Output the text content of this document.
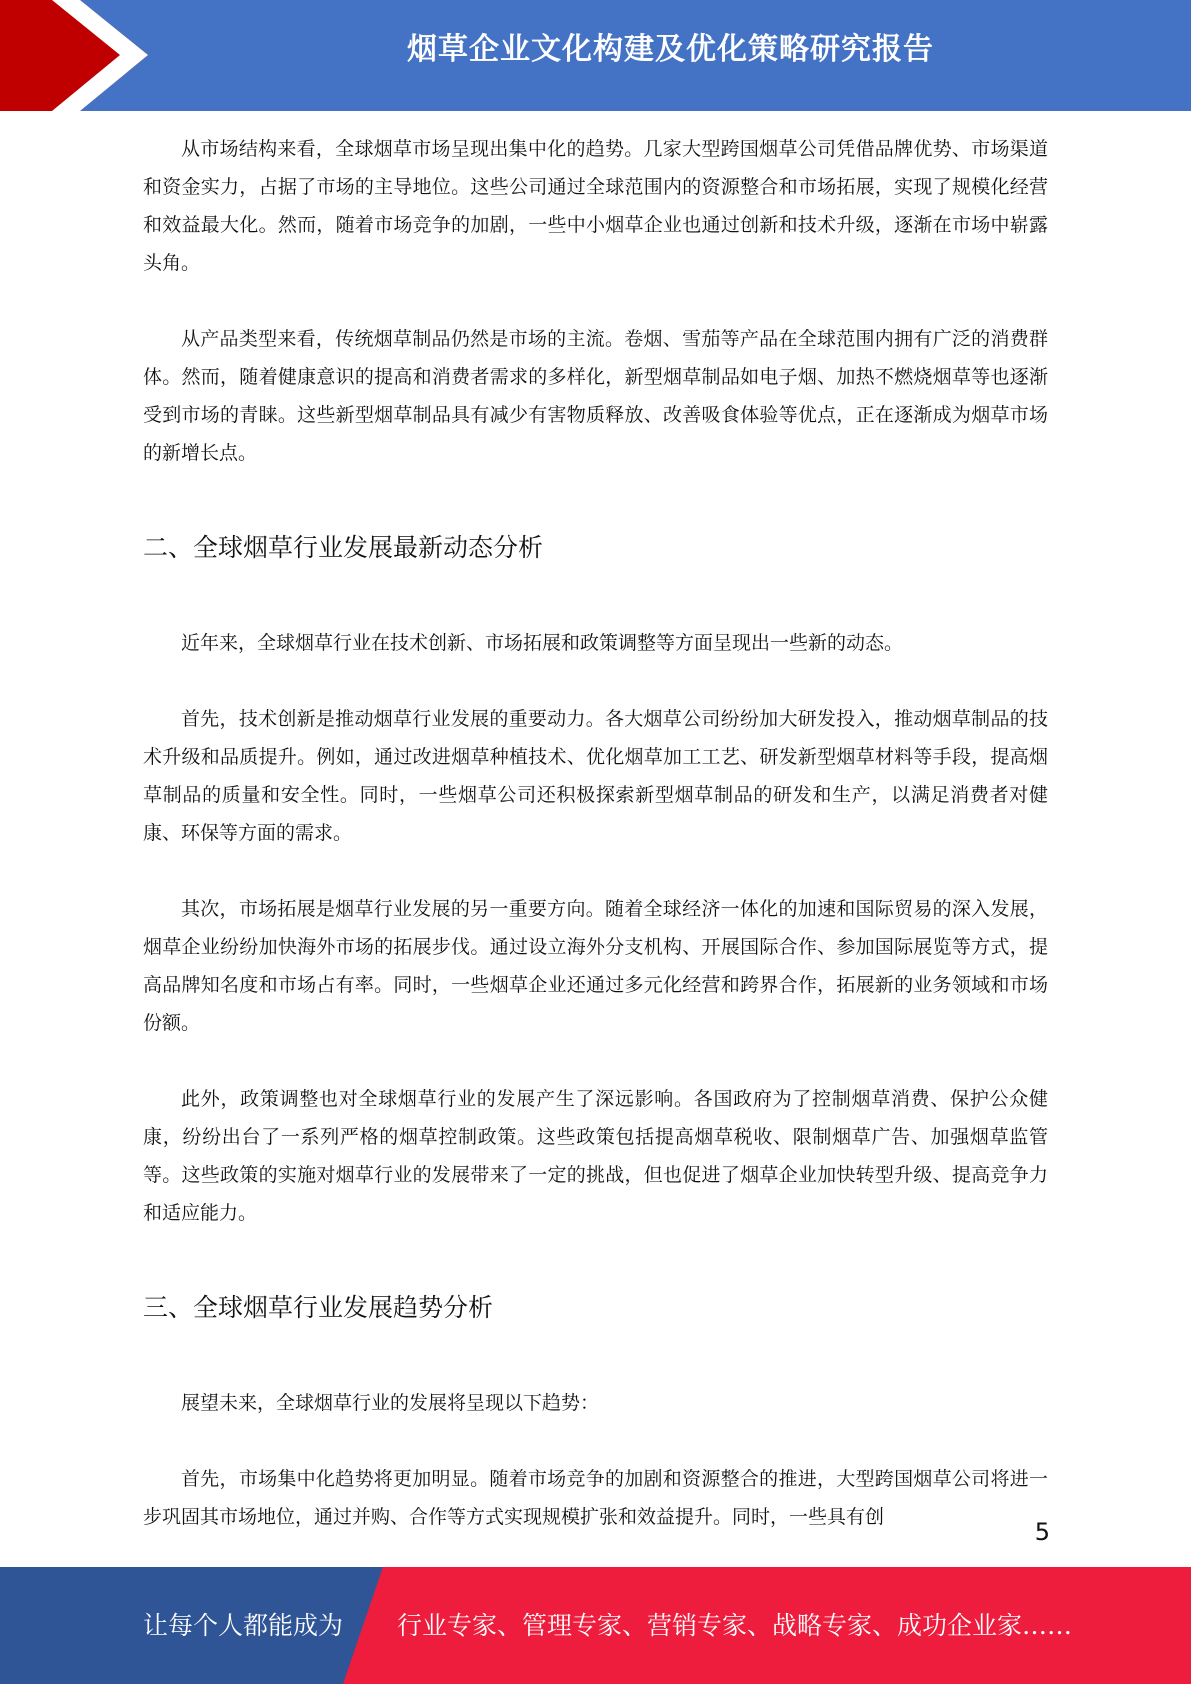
烟草企业文化构建及优化策略研究报告

从市场结构来看，全球烟草市场呈现出集中化的趋势。几家大型跨国烟草公司凭借品牌优势、市场渠道和资金实力，占据了市场的主导地位。这些公司通过全球范围内的资源整合和市场拓展，实现了规模化经营和效益最大化。然而，随着市场竞争的加剧，一些中小烟草企业也通过创新和技术升级，逐渐在市场中崭露头角。

从产品类型来看，传统烟草制品仍然是市场的主流。卷烟、雪茄等产品在全球范围内拥有广泛的消费群体。然而，随着健康意识的提高和消费者需求的多样化，新型烟草制品如电子烟、加热不燃烧烟草等也逐渐受到市场的青睐。这些新型烟草制品具有减少有害物质释放、改善吸食体验等优点，正在逐渐成为烟草市场的新增长点。

二、全球烟草行业发展最新动态分析

近年来，全球烟草行业在技术创新、市场拓展和政策调整等方面呈现出一些新的动态。

首先，技术创新是推动烟草行业发展的重要动力。各大烟草公司纷纷加大研发投入，推动烟草制品的技术升级和品质提升。例如，通过改进烟草种植技术、优化烟草加工工艺、研发新型烟草材料等手段，提高烟草制品的质量和安全性。同时，一些烟草公司还积极探索新型烟草制品的研发和生产，以满足消费者对健康、环保等方面的需求。

其次，市场拓展是烟草行业发展的另一重要方向。随着全球经济一体化的加速和国际贸易的深入发展，烟草企业纷纷加快海外市场的拓展步伐。通过设立海外分支机构、开展国际合作、参加国际展览等方式，提高品牌知名度和市场占有率。同时，一些烟草企业还通过多元化经营和跨界合作，拓展新的业务领域和市场份额。

此外，政策调整也对全球烟草行业的发展产生了深远影响。各国政府为了控制烟草消费、保护公众健康，纷纷出台了一系列严格的烟草控制政策。这些政策包括提高烟草税收、限制烟草广告、加强烟草监管等。这些政策的实施对烟草行业的发展带来了一定的挑战，但也促进了烟草企业加快转型升级、提高竞争力和适应能力。

三、全球烟草行业发展趋势分析

展望未来，全球烟草行业的发展将呈现以下趋势：

首先，市场集中化趋势将更加明显。随着市场竞争的加剧和资源整合的推进，大型跨国烟草公司将进一步巩固其市场地位，通过并购、合作等方式实现规模扩张和效益提升。同时，一些具有创

5
让每个人都能成为 行业专家、管理专家、营销专家、战略专家、成功企业家……
